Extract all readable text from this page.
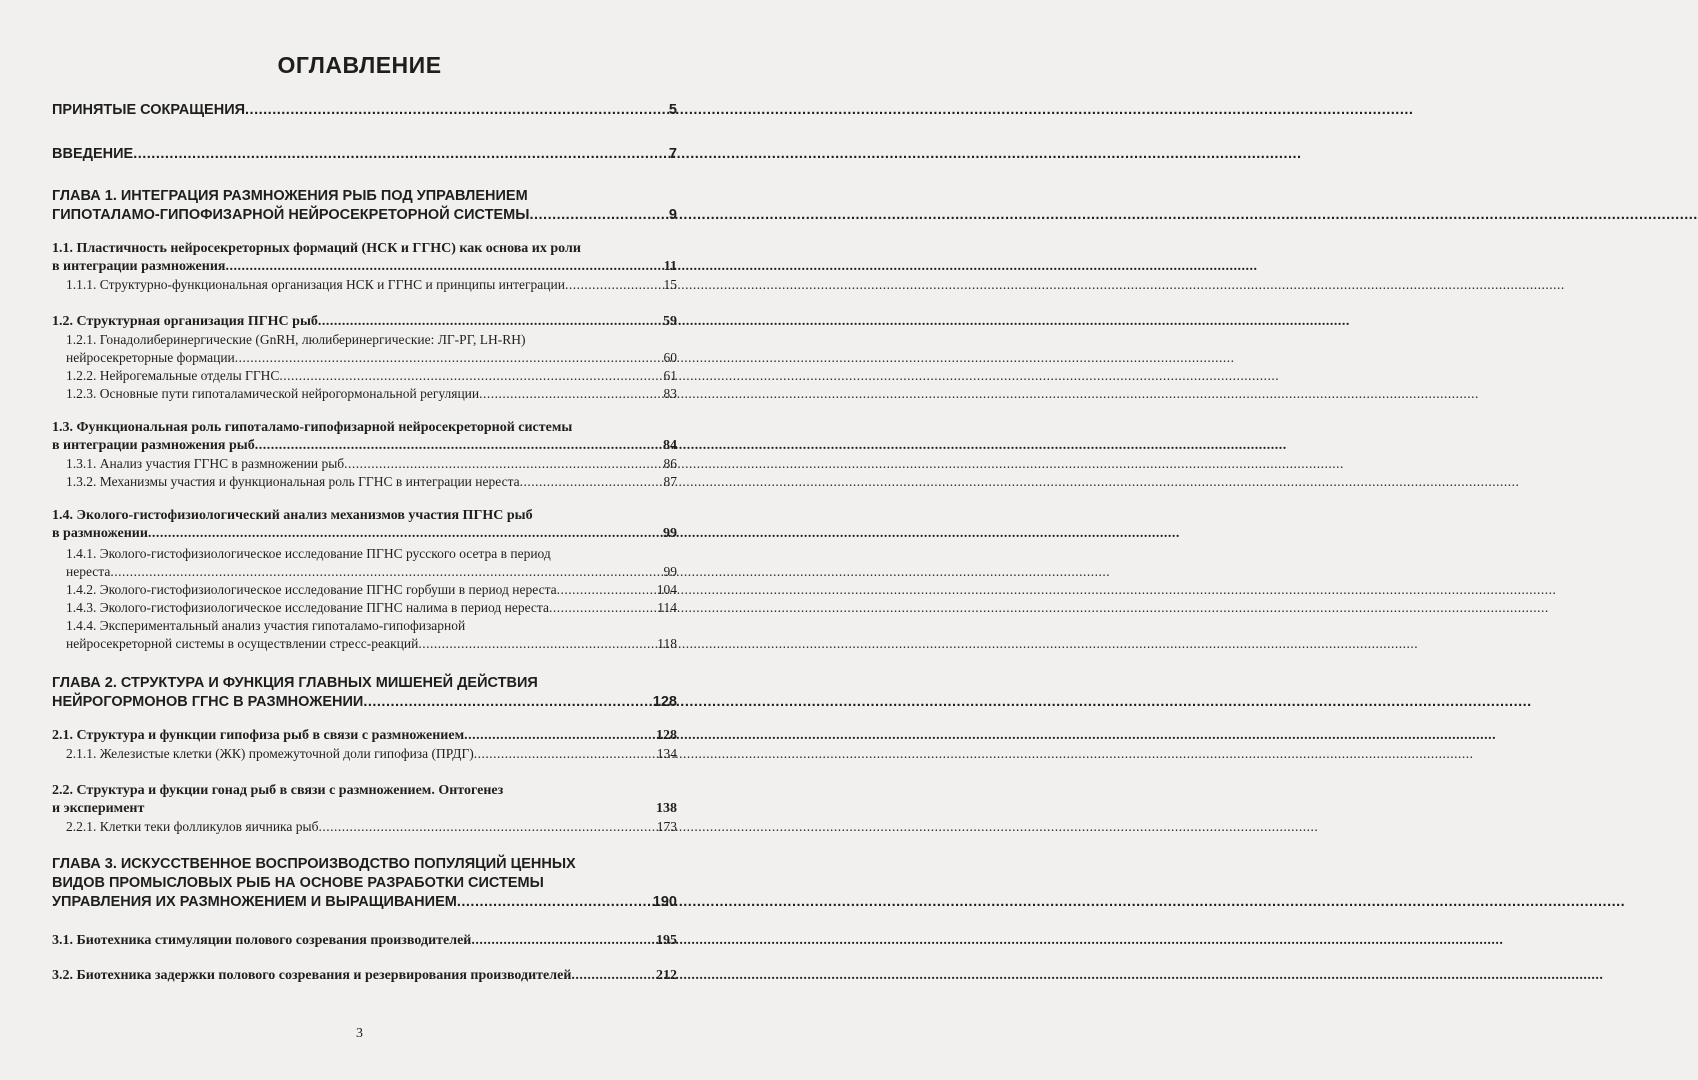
ОГЛАВЛЕНИЕ
ПРИНЯТЫЕ СОКРАЩЕНИЯ .....	5
ВВЕДЕНИЕ .....	7
ГЛАВА 1. ИНТЕГРАЦИЯ РАЗМНОЖЕНИЯ РЫБ ПОД УПРАВЛЕНИЕМ
ГИПОТАЛАМО-ГИПОФИЗАРНОЙ НЕЙРОСЕКРЕТОРНОЙ СИСТЕМЫ .....	9
1.1. Пластичность нейросекреторных формаций (НСК и ГГНС) как основа их роли
в интеграции размножения .....	11
1.1.1. Структурно-функциональная организация НСК и ГГНС и принципы интеграции .....	15
1.2. Структурная организация ПГНС рыб .....	59
1.2.1. Гонадолиберинергические (GnRH, люлиберинергические: ЛГ-РГ, LH-RH)
нейросекреторные формации .....	60
1.2.2. Нейрогемальные отделы ГГНС .....	61
1.2.3. Основные пути гипоталамической нейрогормональной регуляции .....	83
1.3. Функциональная роль гипоталамо-гипофизарной нейросекреторной системы
в интеграции размножения рыб .....	84
1.3.1. Анализ участия ГГНС в размножении рыб .....	86
1.3.2. Механизмы участия и функциональная роль ГГНС в интеграции нереста .....	87
1.4. Эколого-гистофизиологический анализ механизмов участия ПГНС рыб
в размножении .....	99
1.4.1. Эколого-гистофизиологическое исследование ПГНС русского осетра в период
нереста .....	99
1.4.2. Эколого-гистофизиологическое исследование ПГНС горбуши в период нереста .....	104
1.4.3. Эколого-гистофизиологическое исследование ПГНС налима в период нереста .....	114
1.4.4. Экспериментальный анализ участия гипоталамо-гипофизарной
нейросекреторной системы в осуществлении стресс-реакций .....	118
ГЛАВА 2. СТРУКТУРА И ФУНКЦИЯ ГЛАВНЫХ МИШЕНЕЙ ДЕЙСТВИЯ
НЕЙРОГОРМОНОВ ГГНС В РАЗМНОЖЕНИИ .....	128
2.1. Структура и функции гипофиза рыб в связи с размножением .....	128
2.1.1. Железистые клетки (ЖК) промежуточной доли гипофиза (ПРДГ) .....	134
2.2. Структура и фукции гонад рыб в связи с размножением. Онтогенез
и эксперимент	138
2.2.1. Клетки теки фолликулов яичника рыб .....	173
ГЛАВА 3. ИСКУССТВЕННОЕ ВОСПРОИЗВОДСТВО ПОПУЛЯЦИЙ ЦЕННЫХ
ВИДОВ ПРОМЫСЛОВЫХ РЫБ НА ОСНОВЕ РАЗРАБОТКИ СИСТЕМЫ
УПРАВЛЕНИЯ ИХ РАЗМНОЖЕНИЕМ И ВЫРАЩИВАНИЕМ .....	190
3.1. Биотехника стимуляции полового созревания производителей .....	195
3.2. Биотехника задержки полового созревания и резервирования производителей .....	212
3
